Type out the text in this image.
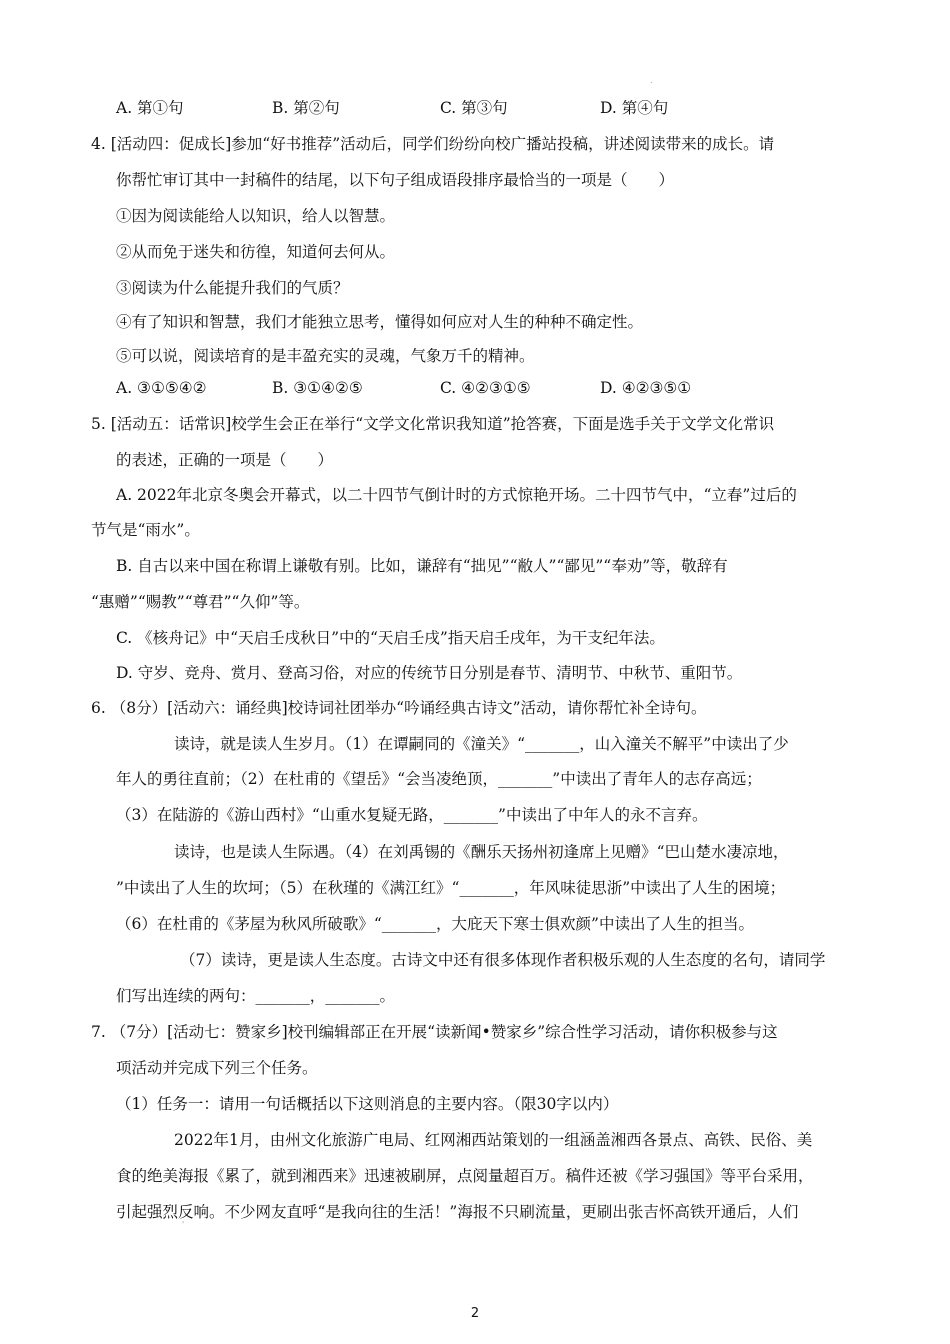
.
A. 第①句	B. 第②句	C. 第③句	D. 第④句
4. [活动四：促成长]参加“好书推荐”活动后，同学们纷纷向校广播站投稿，讲述阅读带来的成长。请
你帮忙审订其中一封稿件的结尾，以下句子组成语段排序最恰当的一项是（　　）
①因为阅读能给人以知识，给人以智慧。
②从而免于迷失和彷徨，知道何去何从。
③阅读为什么能提升我们的气质？
④有了知识和智慧，我们才能独立思考，懂得如何应对人生的种种不确定性。
⑤可以说，阅读培育的是丰盈充实的灵魂，气象万千的精神。
A. ③①⑤④②	B. ③①④②⑤	C. ④②③①⑤	D. ④②③⑤①
5. [活动五：话常识]校学生会正在举行“文学文化常识我知道”抢答赛，下面是选手关于文学文化常识
的表述，正确的一项是（　　）
A. 2022年北京冬奥会开幕式，以二十四节气倒计时的方式惊艳开场。二十四节气中，“立春”过后的
节气是“雨水”。
B. 自古以来中国在称谓上谦敬有别。比如，谦辞有“拙见”“敝人”“鄙见”“奉劝”等，敬辞有
“惠赠”“赐教”“尊君”“久仰”等。
C. 《核舟记》中“天启壬戌秋日”中的“天启壬戌”指天启壬戌年，为干支纪年法。
D. 守岁、竞舟、赏月、登高习俗，对应的传统节日分别是春节、清明节、中秋节、重阳节。
6. （8分）[活动六：诵经典]校诗词社团举办“吟诵经典古诗文”活动，请你帮忙补全诗句。
读诗，就是读人生岁月。（1）在谭嗣同的《潼关》“_______，山入潼关不解平”中读出了少
年人的勇往直前；（2）在杜甫的《望岳》“会当凌绝顶，_______”中读出了青年人的志存高远；
（3）在陆游的《游山西村》“山重水复疑无路，_______”中读出了中年人的永不言弃。
读诗，也是读人生际遇。（4）在刘禹锡的《酬乐天扬州初逢席上见赠》“巴山楚水凄凉地，
”中读出了人生的坎坷；（5）在秋瑾的《满江红》“_______，年风味徒思浙”中读出了人生的困境；
（6）在杜甫的《茅屋为秋风所破歌》“_______，大庇天下寒士俱欢颜”中读出了人生的担当。
（7）读诗，更是读人生态度。古诗文中还有很多体现作者积极乐观的人生态度的名句，请同学
们写出连续的两句：_______，_______。
7. （7分）[活动七：赞家乡]校刊编辑部正在开展“读新闻•赞家乡”综合性学习活动，请你积极参与这
项活动并完成下列三个任务。
（1）任务一：请用一句话概括以下这则消息的主要内容。（限30字以内）
2022年1月，由州文化旅游广电局、红网湘西站策划的一组涵盖湘西各景点、高铁、民俗、美
食的绝美海报《累了，就到湘西来》迅速被刷屏，点阅量超百万。稿件还被《学习强国》等平台采用，
引起强烈反响。不少网友直呼“是我向往的生活！”海报不只刷流量，更刷出张吉怀高铁开通后，人们
'
2
